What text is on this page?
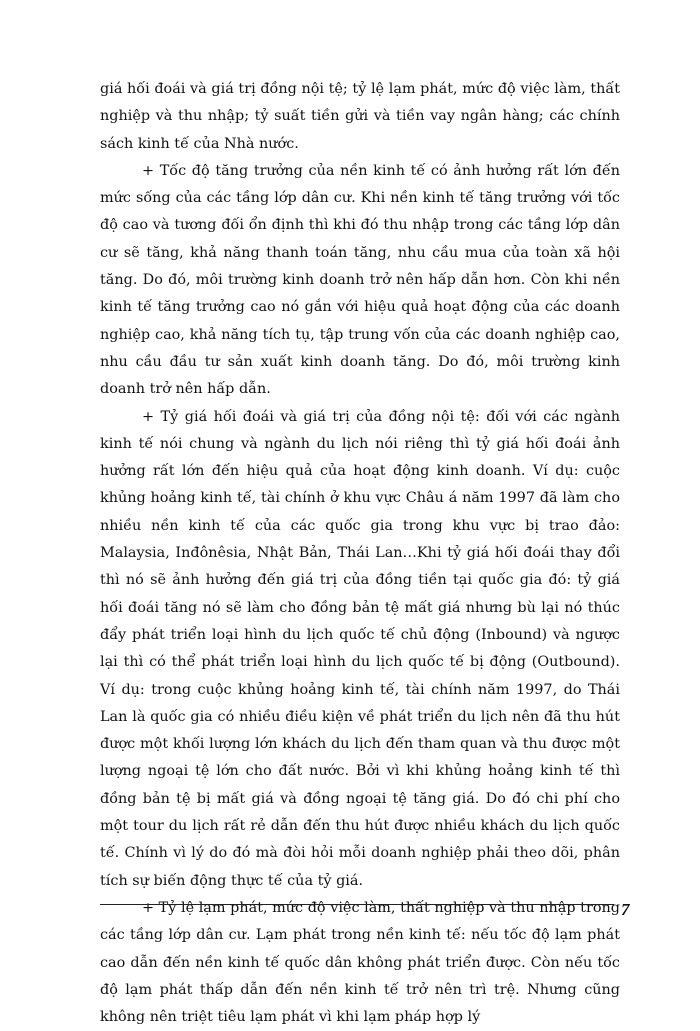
giá hối đoái và giá trị đồng nội tệ; tỷ lệ lạm phát, mức độ việc làm, thất nghiệp và thu nhập; tỷ suất tiền gửi và tiền vay ngân hàng; các chính sách kinh tế của Nhà nước.

+ Tốc độ tăng trưởng của nền kinh tế có ảnh hưởng rất lớn đến mức sống của các tầng lớp dân cư. Khi nền kinh tế tăng trưởng với tốc độ cao và tương đối ổn định thì khi đó thu nhập trong các tầng lớp dân cư sẽ tăng, khả năng thanh toán tăng, nhu cầu mua của toàn xã hội tăng. Do đó, môi trường kinh doanh trở nên hấp dẫn hơn. Còn khi nền kinh tế tăng trưởng cao nó gắn với hiệu quả hoạt động của các doanh nghiệp cao, khả năng tích tụ, tập trung vốn của các doanh nghiệp cao, nhu cầu đầu tư sản xuất kinh doanh tăng. Do đó, môi trường kinh doanh trở nên hấp dẫn.

+ Tỷ giá hối đoái và giá trị của đồng nội tệ: đối với các ngành kinh tế nói chung và ngành du lịch nói riêng thì tỷ giá hối đoái ảnh hưởng rất lớn đến hiệu quả của hoạt động kinh doanh. Ví dụ: cuộc khủng hoảng kinh tế, tài chính ở khu vực Châu á năm 1997 đã làm cho nhiều nền kinh tế của các quốc gia trong khu vực bị trao đảo: Malaysia, Inđônêsia, Nhật Bản, Thái Lan…Khi tỷ giá hối đoái thay đổi thì nó sẽ ảnh hưởng đến giá trị của đồng tiền tại quốc gia đó: tỷ giá hối đoái tăng nó sẽ làm cho đồng bản tệ mất giá nhưng bù lại nó thúc đẩy phát triển loại hình du lịch quốc tế chủ động (Inbound) và ngược lại thì có thể phát triển loại hình du lịch quốc tế bị động (Outbound). Ví dụ: trong cuộc khủng hoảng kinh tế, tài chính năm 1997, do Thái Lan là quốc gia có nhiều điều kiện về phát triển du lịch nên đã thu hút được một khối lượng lớn khách du lịch đến tham quan và thu được một lượng ngoại tệ lớn cho đất nước. Bởi vì khi khủng hoảng kinh tế thì đồng bản tệ bị mất giá và đồng ngoại tệ tăng giá. Do đó chi phí cho một tour du lịch rất rẻ dẫn đến thu hút được nhiều khách du lịch quốc tế. Chính vì lý do đó mà đòi hỏi mỗi doanh nghiệp phải theo dõi, phân tích sự biến động thực tế của tỷ giá.

+ Tỷ lệ lạm phát, mức độ việc làm, thất nghiệp và thu nhập trong các tầng lớp dân cư. Lạm phát trong nền kinh tế: nếu tốc độ lạm phát cao dẫn đến nền kinh tế quốc dân không phát triển được. Còn nếu tốc độ lạm phát thấp dẫn đến nền kinh tế trở nên trì trệ. Nhưng cũng không nên triệt tiêu lạm phát vì khi lạm pháp hợp lý

7
